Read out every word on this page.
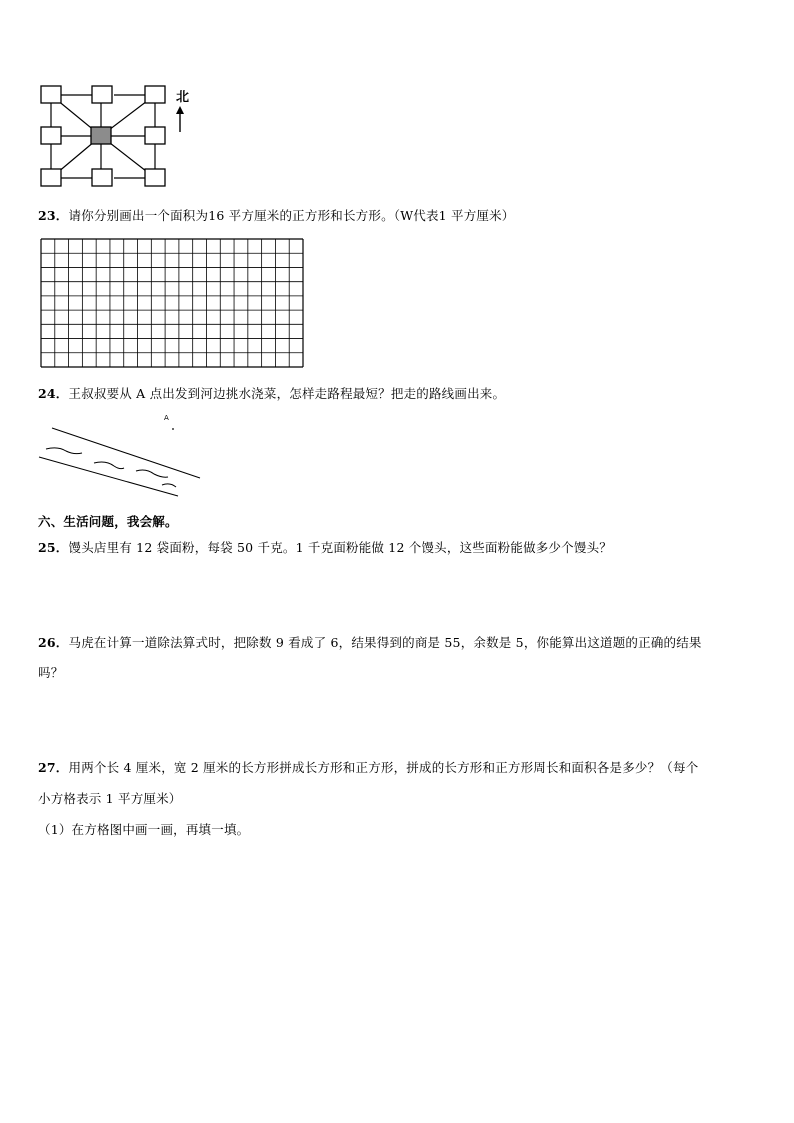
北
23．请你分别画出一个面积为16 平方厘米的正方形和长方形。（W代表1 平方厘米）
24．王叔叔要从 A 点出发到河边挑水浇菜，怎样走路程最短？把走的路线画出来。
A
六、生活问题，我会解。
25．馒头店里有 12 袋面粉，每袋 50 千克。1 千克面粉能做 12 个馒头，这些面粉能做多少个馒头？
26．马虎在计算一道除法算式时，把除数 9 看成了 6，结果得到的商是 55，余数是 5，你能算出这道题的正确的结果
吗？
27．用两个长 4 厘米，宽 2 厘米的长方形拼成长方形和正方形，拼成的长方形和正方形周长和面积各是多少？（每个
小方格表示 1 平方厘米）
（1）在方格图中画一画，再填一填。
